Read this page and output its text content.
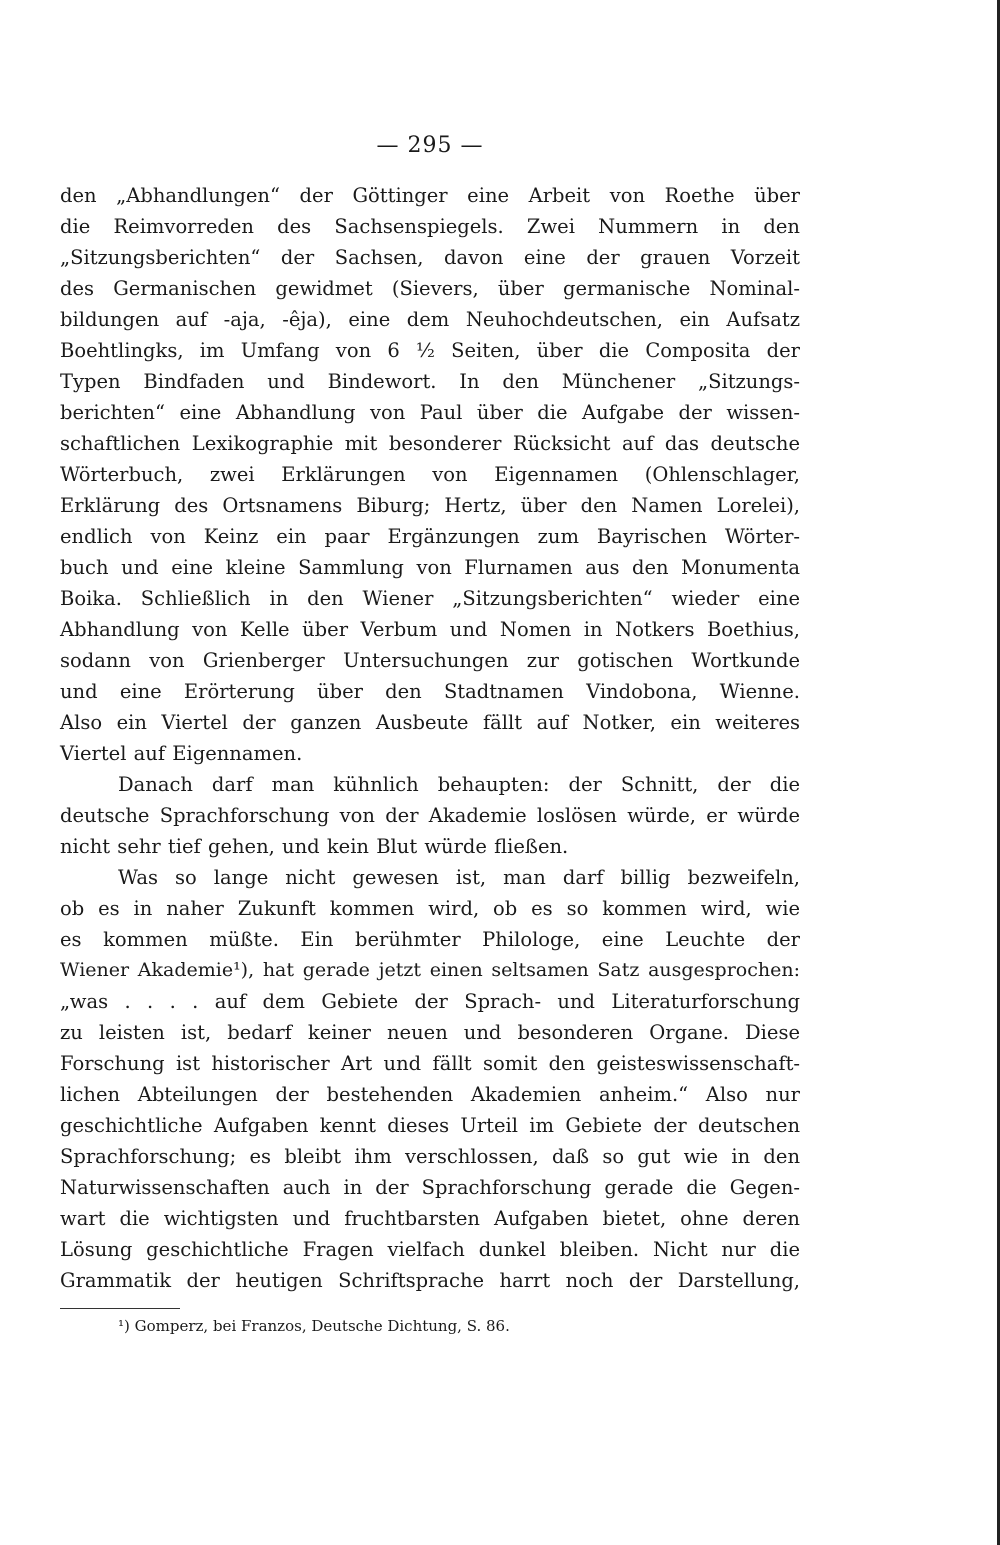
— 295 —
den „Abhandlungen“ der Göttinger eine Arbeit von Roethe über
die Reimvorreden des Sachsenspiegels. Zwei Nummern in den
„Sitzungsberichten“ der Sachsen, davon eine der grauen Vorzeit
des Germanischen gewidmet (Sievers, über germanische Nominal-
bildungen auf -aja, -êja), eine dem Neuhochdeutschen, ein Aufsatz
Boehtlingks, im Umfang von 6 ½ Seiten, über die Composita der
Typen Bindfaden und Bindewort. In den Münchener „Sitzungs-
berichten“ eine Abhandlung von Paul über die Aufgabe der wissen-
schaftlichen Lexikographie mit besonderer Rücksicht auf das deutsche
Wörterbuch, zwei Erklärungen von Eigennamen (Ohlenschlager,
Erklärung des Ortsnamens Biburg; Hertz, über den Namen Lorelei),
endlich von Keinz ein paar Ergänzungen zum Bayrischen Wörter-
buch und eine kleine Sammlung von Flurnamen aus den Monumenta
Boika. Schließlich in den Wiener „Sitzungsberichten“ wieder eine
Abhandlung von Kelle über Verbum und Nomen in Notkers Boethius,
sodann von Grienberger Untersuchungen zur gotischen Wortkunde
und eine Erörterung über den Stadtnamen Vindobona, Wienne.
Also ein Viertel der ganzen Ausbeute fällt auf Notker, ein weiteres
Viertel auf Eigennamen.
Danach darf man kühnlich behaupten: der Schnitt, der die
deutsche Sprachforschung von der Akademie loslösen würde, er würde
nicht sehr tief gehen, und kein Blut würde fließen.
Was so lange nicht gewesen ist, man darf billig bezweifeln,
ob es in naher Zukunft kommen wird, ob es so kommen wird, wie
es kommen müßte. Ein berühmter Philologe, eine Leuchte der
Wiener Akademie¹), hat gerade jetzt einen seltsamen Satz ausgesprochen:
„was . . . . auf dem Gebiete der Sprach- und Literaturforschung
zu leisten ist, bedarf keiner neuen und besonderen Organe. Diese
Forschung ist historischer Art und fällt somit den geisteswissenschaft-
lichen Abteilungen der bestehenden Akademien anheim.“ Also nur
geschichtliche Aufgaben kennt dieses Urteil im Gebiete der deutschen
Sprachforschung; es bleibt ihm verschlossen, daß so gut wie in den
Naturwissenschaften auch in der Sprachforschung gerade die Gegen-
wart die wichtigsten und fruchtbarsten Aufgaben bietet, ohne deren
Lösung geschichtliche Fragen vielfach dunkel bleiben. Nicht nur die
Grammatik der heutigen Schriftsprache harrt noch der Darstellung,
¹) Gomperz, bei Franzos, Deutsche Dichtung, S. 86.
